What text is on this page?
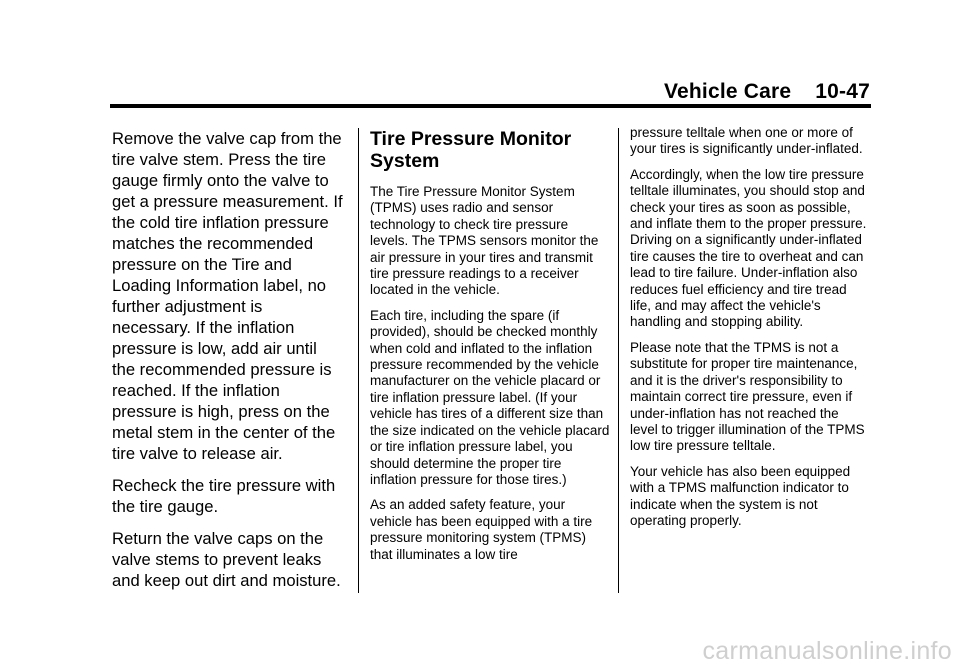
Vehicle Care 10-47

Remove the valve cap from the tire valve stem. Press the tire gauge firmly onto the valve to get a pressure measurement. If the cold tire inflation pressure matches the recommended pressure on the Tire and Loading Information label, no further adjustment is necessary. If the inflation pressure is low, add air until the recommended pressure is reached. If the inflation pressure is high, press on the metal stem in the center of the tire valve to release air.

Recheck the tire pressure with the tire gauge.

Return the valve caps on the valve stems to prevent leaks and keep out dirt and moisture.

Tire Pressure Monitor System

The Tire Pressure Monitor System (TPMS) uses radio and sensor technology to check tire pressure levels. The TPMS sensors monitor the air pressure in your tires and transmit tire pressure readings to a receiver located in the vehicle.

Each tire, including the spare (if provided), should be checked monthly when cold and inflated to the inflation pressure recommended by the vehicle manufacturer on the vehicle placard or tire inflation pressure label. (If your vehicle has tires of a different size than the size indicated on the vehicle placard or tire inflation pressure label, you should determine the proper tire inflation pressure for those tires.)

As an added safety feature, your vehicle has been equipped with a tire pressure monitoring system (TPMS) that illuminates a low tire

pressure telltale when one or more of your tires is significantly under-inflated.

Accordingly, when the low tire pressure telltale illuminates, you should stop and check your tires as soon as possible, and inflate them to the proper pressure. Driving on a significantly under-inflated tire causes the tire to overheat and can lead to tire failure. Under-inflation also reduces fuel efficiency and tire tread life, and may affect the vehicle's handling and stopping ability.

Please note that the TPMS is not a substitute for proper tire maintenance, and it is the driver's responsibility to maintain correct tire pressure, even if under-inflation has not reached the level to trigger illumination of the TPMS low tire pressure telltale.

Your vehicle has also been equipped with a TPMS malfunction indicator to indicate when the system is not operating properly.

carmanualsonline.info
